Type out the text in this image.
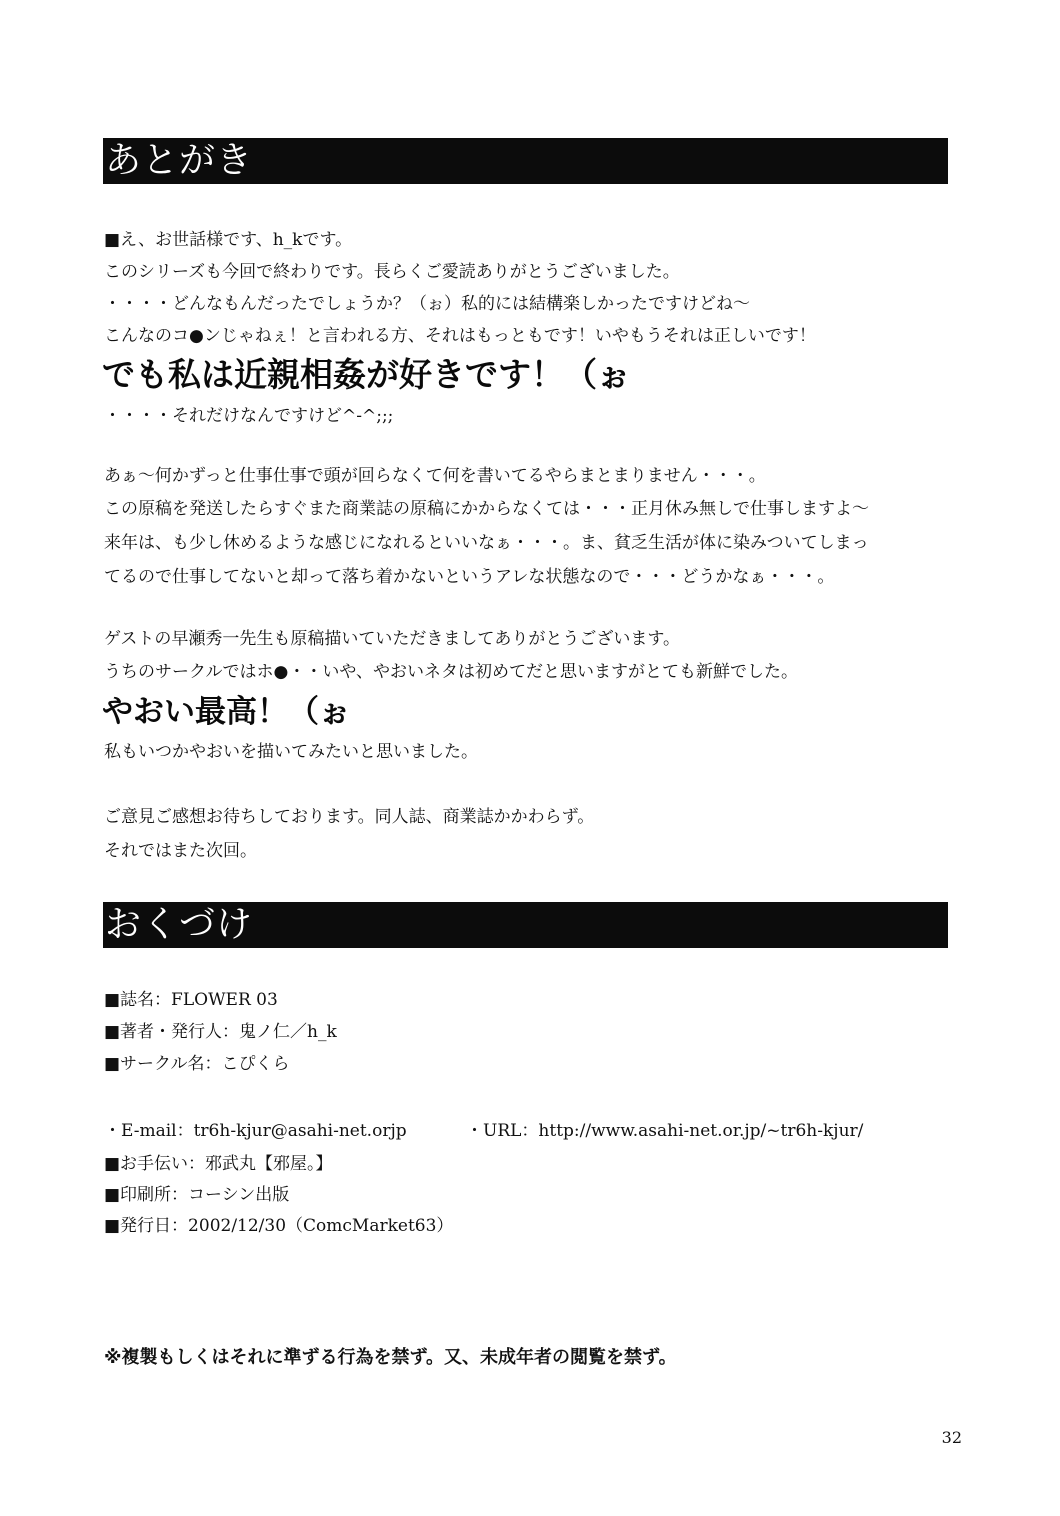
あとがき
■え、お世話様です、h_kです。
このシリーズも今回で終わりです。長らくご愛読ありがとうございました。
・・・・どんなもんだったでしょうか？（ぉ）私的には結構楽しかったですけどね～
こんなのコ●ンじゃねぇ！と言われる方、それはもっともです！いやもうそれは正しいです！
でも私は近親相姦が好きです！（ぉ
・・・・それだけなんですけど^-^;;;
あぁ～何かずっと仕事仕事で頭が回らなくて何を書いてるやらまとまりません・・・。
この原稿を発送したらすぐまた商業誌の原稿にかからなくては・・・正月休み無しで仕事しますよ～
来年は、も少し休めるような感じになれるといいなぁ・・・。ま、貧乏生活が体に染みついてしまっ
てるので仕事してないと却って落ち着かないというアレな状態なので・・・どうかなぁ・・・。
ゲストの早瀬秀一先生も原稿描いていただきましてありがとうございます。
うちのサークルではホ●・・いや、やおいネタは初めてだと思いますがとても新鮮でした。
やおい最高！（ぉ
私もいつかやおいを描いてみたいと思いました。
ご意見ご感想お待ちしております。同人誌、商業誌かかわらず。
それではまた次回。
おくづけ
■誌名：FLOWER 03
■著者・発行人：鬼ノ仁／h_k
■サークル名：こぴくら
・E-mail：tr6h-kjur@asahi-net.orjp	・URL：http://www.asahi-net.or.jp/~tr6h-kjur/
■お手伝い：邪武丸【邪屋。】
■印刷所：コーシン出版
■発行日：2002/12/30（ComcMarket63）
※複製もしくはそれに準ずる行為を禁ず。又、未成年者の閲覧を禁ず。
32
